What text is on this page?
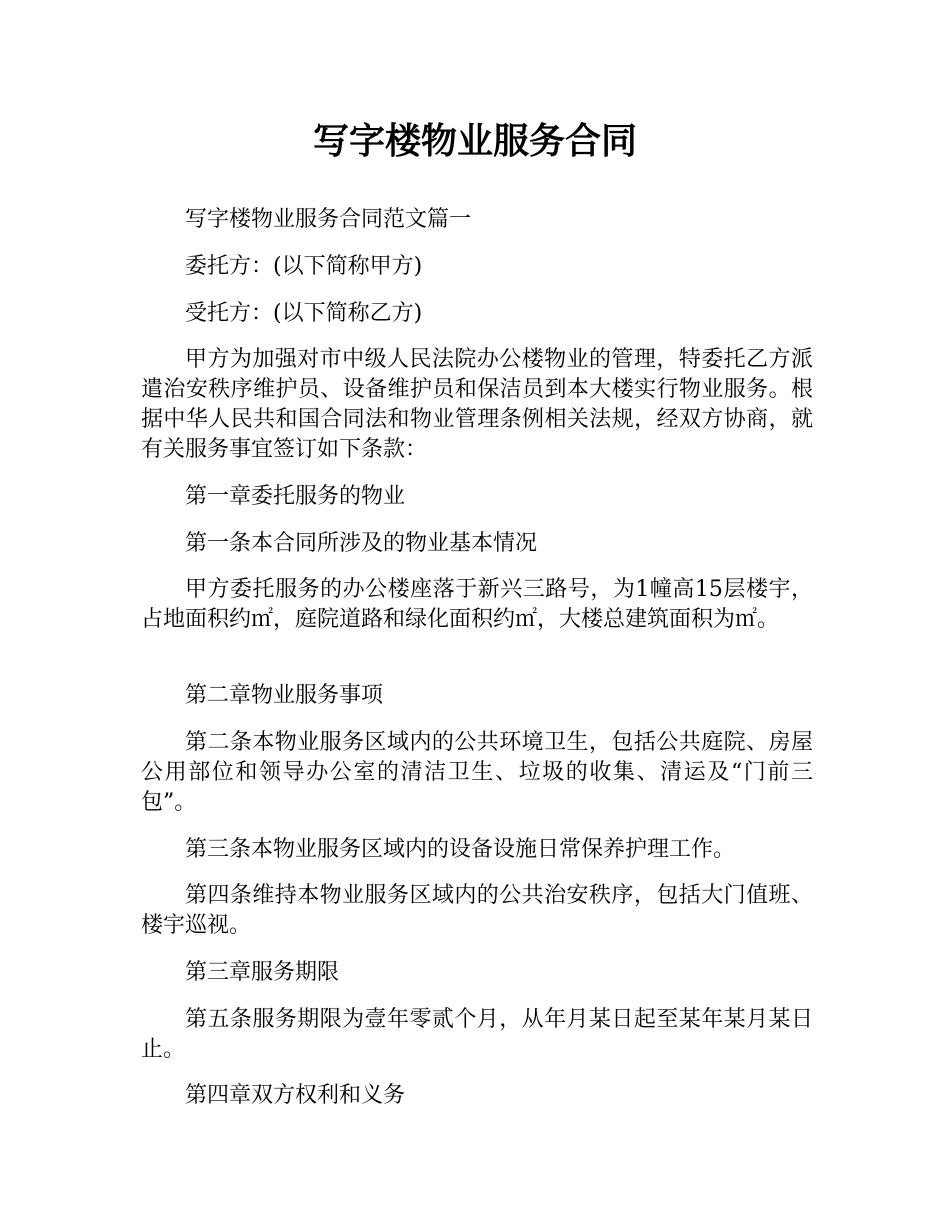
写字楼物业服务合同

写字楼物业服务合同范文篇一

委托方：(以下简称甲方)

受托方：(以下简称乙方)

甲方为加强对市中级人民法院办公楼物业的管理，特委托乙方派遣治安秩序维护员、设备维护员和保洁员到本大楼实行物业服务。根据中华人民共和国合同法和物业管理条例相关法规，经双方协商，就有关服务事宜签订如下条款：

第一章委托服务的物业

第一条本合同所涉及的物业基本情况

甲方委托服务的办公楼座落于新兴三路号，为1幢高15层楼宇，占地面积约㎡，庭院道路和绿化面积约㎡，大楼总建筑面积为㎡。

第二章物业服务事项

第二条本物业服务区域内的公共环境卫生，包括公共庭院、房屋公用部位和领导办公室的清洁卫生、垃圾的收集、清运及“门前三包”。

第三条本物业服务区域内的设备设施日常保养护理工作。

第四条维持本物业服务区域内的公共治安秩序，包括大门值班、楼宇巡视。

第三章服务期限

第五条服务期限为壹年零贰个月，从年月某日起至某年某月某日止。

第四章双方权利和义务
